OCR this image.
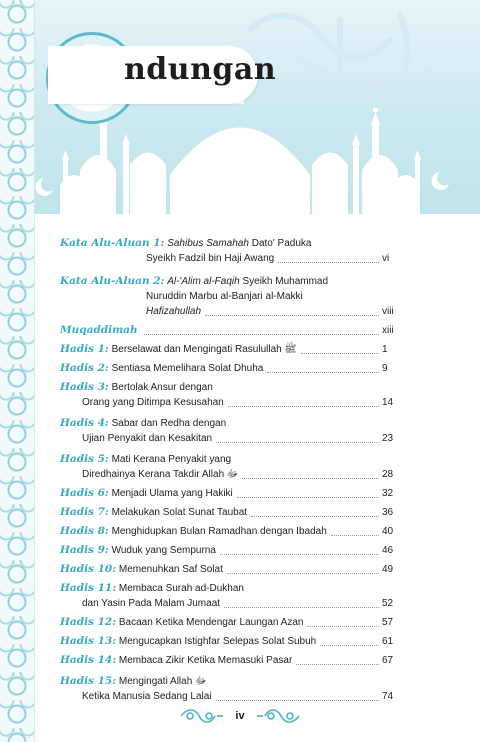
ndungan
Kata Alu-Aluan 1:
Sahibus Samahah Dato' Paduka
Syeikh Fadzil bin Haji Awang	vi
Kata Alu-Aluan 2:
Al-'Alim al-Faqih Syeikh Muhammad
Nuruddin Marbu al-Banjari al-Makki
Hafizahullah	viii
Muqaddimah
	xiii
Hadis 1:
Berselawat dan Mengingati Rasulullah ﷺ	1
Hadis 2:
Sentiasa Memelihara Solat Dhuha	9
Hadis 3:
Bertolak Ansur dengan
Orang yang Ditimpa Kesusahan	14
Hadis 4:
Sabar dan Redha dengan
Ujian Penyakit dan Kesakitan	23
Hadis 5:
Mati Kerana Penyakit yang
Diredhainya Kerana Takdir Allah ﷻ	28
Hadis 6:
Menjadi Ulama yang Hakiki	32
Hadis 7:
Melakukan Solat Sunat Taubat	36
Hadis 8:
Menghidupkan Bulan Ramadhan dengan Ibadah	40
Hadis 9:
Wuduk yang Sempurna	46
Hadis 10:
Memenuhkan Saf Solat	49
Hadis 11:
Membaca Surah ad-Dukhan
dan Yasin Pada Malam Jumaat	52
Hadis 12:
Bacaan Ketika Mendengar Laungan Azan	57
Hadis 13:
Mengucapkan Istighfar Selepas Solat Subuh	61
Hadis 14:
Membaca Zikir Ketika Memasuki Pasar	67
Hadis 15:
Mengingati Allah ﷻ
Ketika Manusia Sedang Lalai	74
iv
